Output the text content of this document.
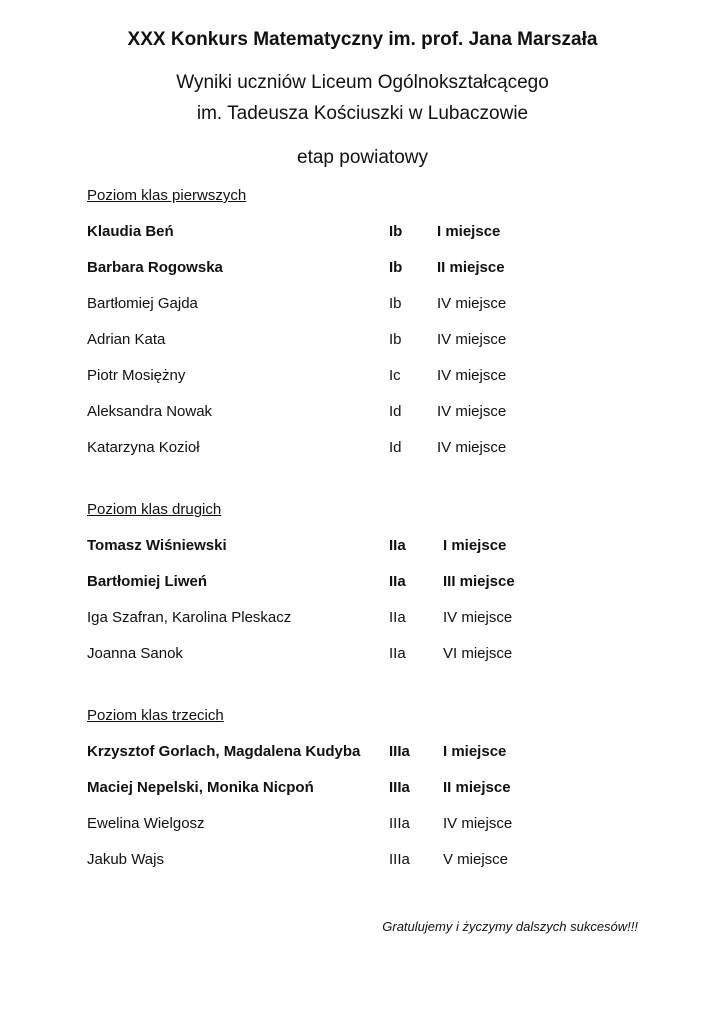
XXX Konkurs Matematyczny im. prof. Jana Marszała
Wyniki uczniów Liceum Ogólnokształcącego
im. Tadeusza Kościuszki w Lubaczowie
etap powiatowy
Poziom klas pierwszych
Klaudia Beń	Ib I miejsce
Barbara Rogowska	Ib II miejsce
Bartłomiej Gajda	Ib IV miejsce
Adrian Kata	Ib IV miejsce
Piotr Mosiężny	Ic IV miejsce
Aleksandra Nowak	Id IV miejsce
Katarzyna Kozioł	Id IV miejsce
Poziom klas drugich
Tomasz Wiśniewski	IIa I miejsce
Bartłomiej Liweń	IIa III miejsce
Iga Szafran, Karolina Pleskacz	IIa IV miejsce
Joanna Sanok	IIa VI miejsce
Poziom klas trzecich
Krzysztof Gorlach, Magdalena Kudyba IIIa I miejsce
Maciej Nepelski, Monika Nicpoń	IIIa II miejsce
Ewelina Wielgosz	IIIa IV miejsce
Jakub Wajs	IIIa V miejsce
Gratulujemy i życzymy dalszych sukcesów!!!
